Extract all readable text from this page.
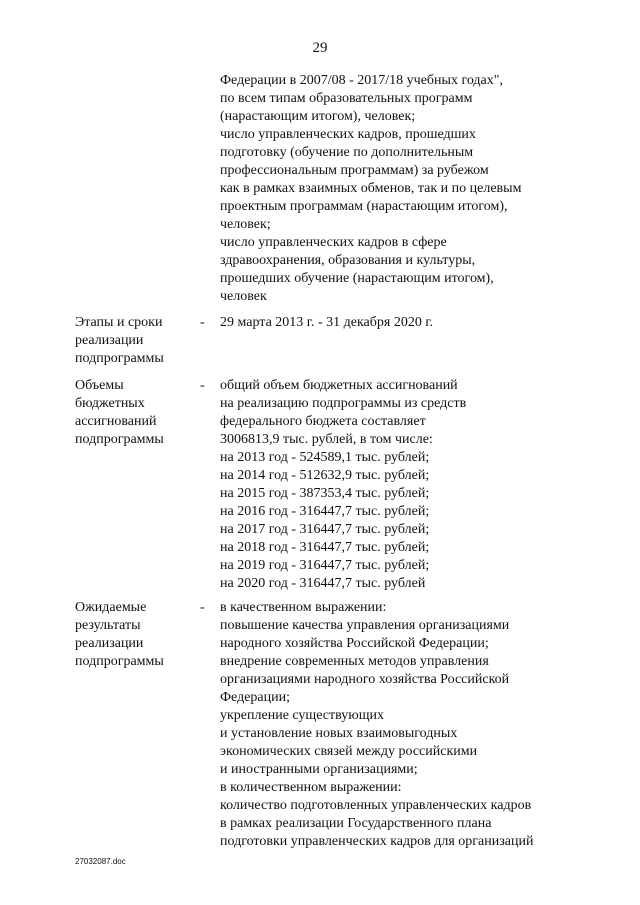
29
Федерации в 2007/08 - 2017/18 учебных годах",
по всем типам образовательных программ
(нарастающим итогом), человек;
число управленческих кадров, прошедших
подготовку (обучение по дополнительным
профессиональным программам) за рубежом
как в рамках взаимных обменов, так и по целевым
проектным программам (нарастающим итогом),
человек;
число управленческих кадров в сфере
здравоохранения, образования и культуры,
прошедших обучение (нарастающим итогом),
человек
Этапы и сроки
реализации
подпрограммы
- 29 марта 2013 г. - 31 декабря 2020 г.
Объемы
бюджетных
ассигнований
подпрограммы
- общий объем бюджетных ассигнований
на реализацию подпрограммы из средств
федерального бюджета составляет
3006813,9 тыс. рублей, в том числе:
на 2013 год - 524589,1 тыс. рублей;
на 2014 год - 512632,9 тыс. рублей;
на 2015 год - 387353,4 тыс. рублей;
на 2016 год - 316447,7 тыс. рублей;
на 2017 год - 316447,7 тыс. рублей;
на 2018 год - 316447,7 тыс. рублей;
на 2019 год - 316447,7 тыс. рублей;
на 2020 год - 316447,7 тыс. рублей
Ожидаемые
результаты
реализации
подпрограммы
- в качественном выражении:
повышение качества управления организациями
народного хозяйства Российской Федерации;
внедрение современных методов управления
организациями народного хозяйства Российской
Федерации;
укрепление существующих
и установление новых взаимовыгодных
экономических связей между российскими
и иностранными организациями;
в количественном выражении:
количество подготовленных управленческих кадров
в рамках реализации Государственного плана
подготовки управленческих кадров для организаций
27032087.doc
